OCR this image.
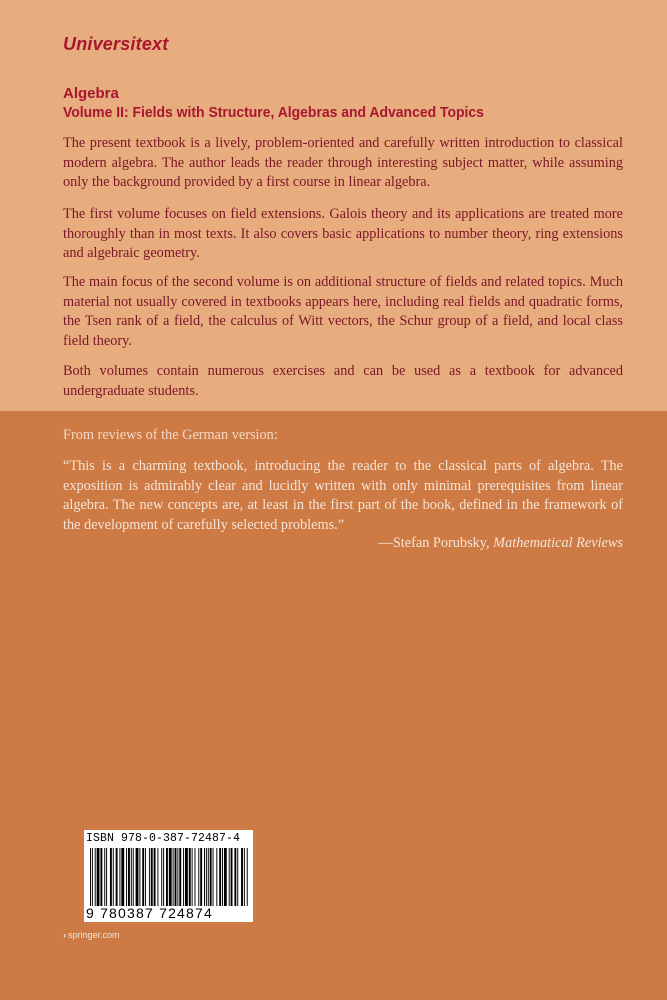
Universitext
Algebra
Volume II: Fields with Structure, Algebras and Advanced Topics

The present textbook is a lively, problem-oriented and carefully written introduction to classical modern algebra. The author leads the reader through interesting subject matter, while assuming only the background provided by a first course in linear algebra.

The first volume focuses on field extensions. Galois theory and its applications are treated more thoroughly than in most texts. It also covers basic applications to number theory, ring extensions and algebraic geometry.

The main focus of the second volume is on additional structure of fields and related topics. Much material not usually covered in textbooks appears here, including real fields and quadratic forms, the Tsen rank of a field, the calculus of Witt vectors, the Schur group of a field, and local class field theory.

Both volumes contain numerous exercises and can be used as a textbook for advanced undergraduate students.

From reviews of the German version:

“This is a charming textbook, introducing the reader to the classical parts of algebra. The exposition is admirably clear and lucidly written with only minimal prerequisites from linear algebra. The new concepts are, at least in the first part of the book, defined in the framework of the development of carefully selected problems.”

—Stefan Porubsky, Mathematical Reviews
ISBN 978-0-387-72487-4
9 780387 724874
› springer.com
